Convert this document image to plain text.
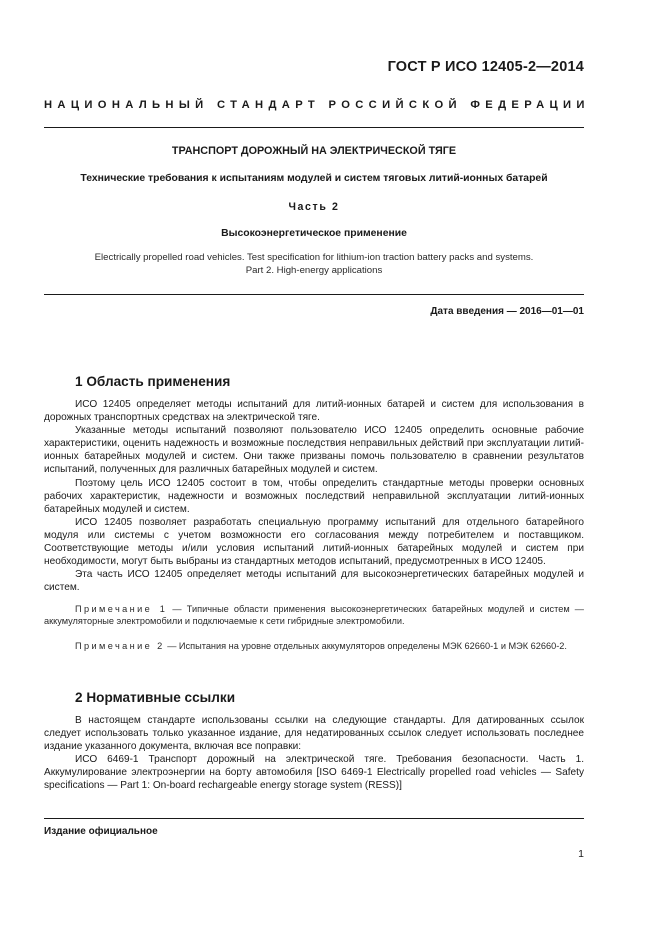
ГОСТ Р ИСО 12405-2—2014
НАЦИОНАЛЬНЫЙ СТАНДАРТ РОССИЙСКОЙ ФЕДЕРАЦИИ
ТРАНСПОРТ ДОРОЖНЫЙ НА ЭЛЕКТРИЧЕСКОЙ ТЯГЕ
Технические требования к испытаниям модулей и систем тяговых литий-ионных батарей
Часть 2
Высокоэнергетическое применение
Electrically propelled road vehicles. Test specification for lithium-ion traction battery packs and systems.
Part 2. High-energy applications
Дата введения — 2016—01—01
1 Область применения

ИСО 12405 определяет методы испытаний для литий-ионных батарей и систем для использования в дорожных транспортных средствах на электрической тяге.

Указанные методы испытаний позволяют пользователю ИСО 12405 определить основные рабочие характеристики, оценить надежность и возможные последствия неправильных действий при эксплуатации литий-ионных батарейных модулей и систем. Они также призваны помочь пользователю в сравнении результатов испытаний, полученных для различных батарейных модулей и систем.

Поэтому цель ИСО 12405 состоит в том, чтобы определить стандартные методы проверки основных рабочих характеристик, надежности и возможных последствий неправильной эксплуатации литий-ионных батарейных модулей и систем.

ИСО 12405 позволяет разработать специальную программу испытаний для отдельного батарейного модуля или системы с учетом возможности его согласования между потребителем и поставщиком. Соответствующие методы и/или условия испытаний литий-ионных батарейных модулей и систем при необходимости, могут быть выбраны из стандартных методов испытаний, предусмотренных в ИСО 12405.

Эта часть ИСО 12405 определяет методы испытаний для высокоэнергетических батарейных модулей и систем.

Примечание 1 — Типичные области применения высокоэнергетических батарейных модулей и систем — аккумуляторные электромобили и подключаемые к сети гибридные электромобили.

Примечание 2 — Испытания на уровне отдельных аккумуляторов определены МЭК 62660-1 и МЭК 62660-2.

2 Нормативные ссылки

В настоящем стандарте использованы ссылки на следующие стандарты. Для датированных ссылок следует использовать только указанное издание, для недатированных ссылок следует использовать последнее издание указанного документа, включая все поправки:

ИСО 6469-1 Транспорт дорожный на электрической тяге. Требования безопасности. Часть 1. Аккумулирование электроэнергии на борту автомобиля [ISO 6469-1 Electrically propelled road vehicles — Safety specifications — Part 1: On-board rechargeable energy storage system (RESS)]

Издание официальное
1
